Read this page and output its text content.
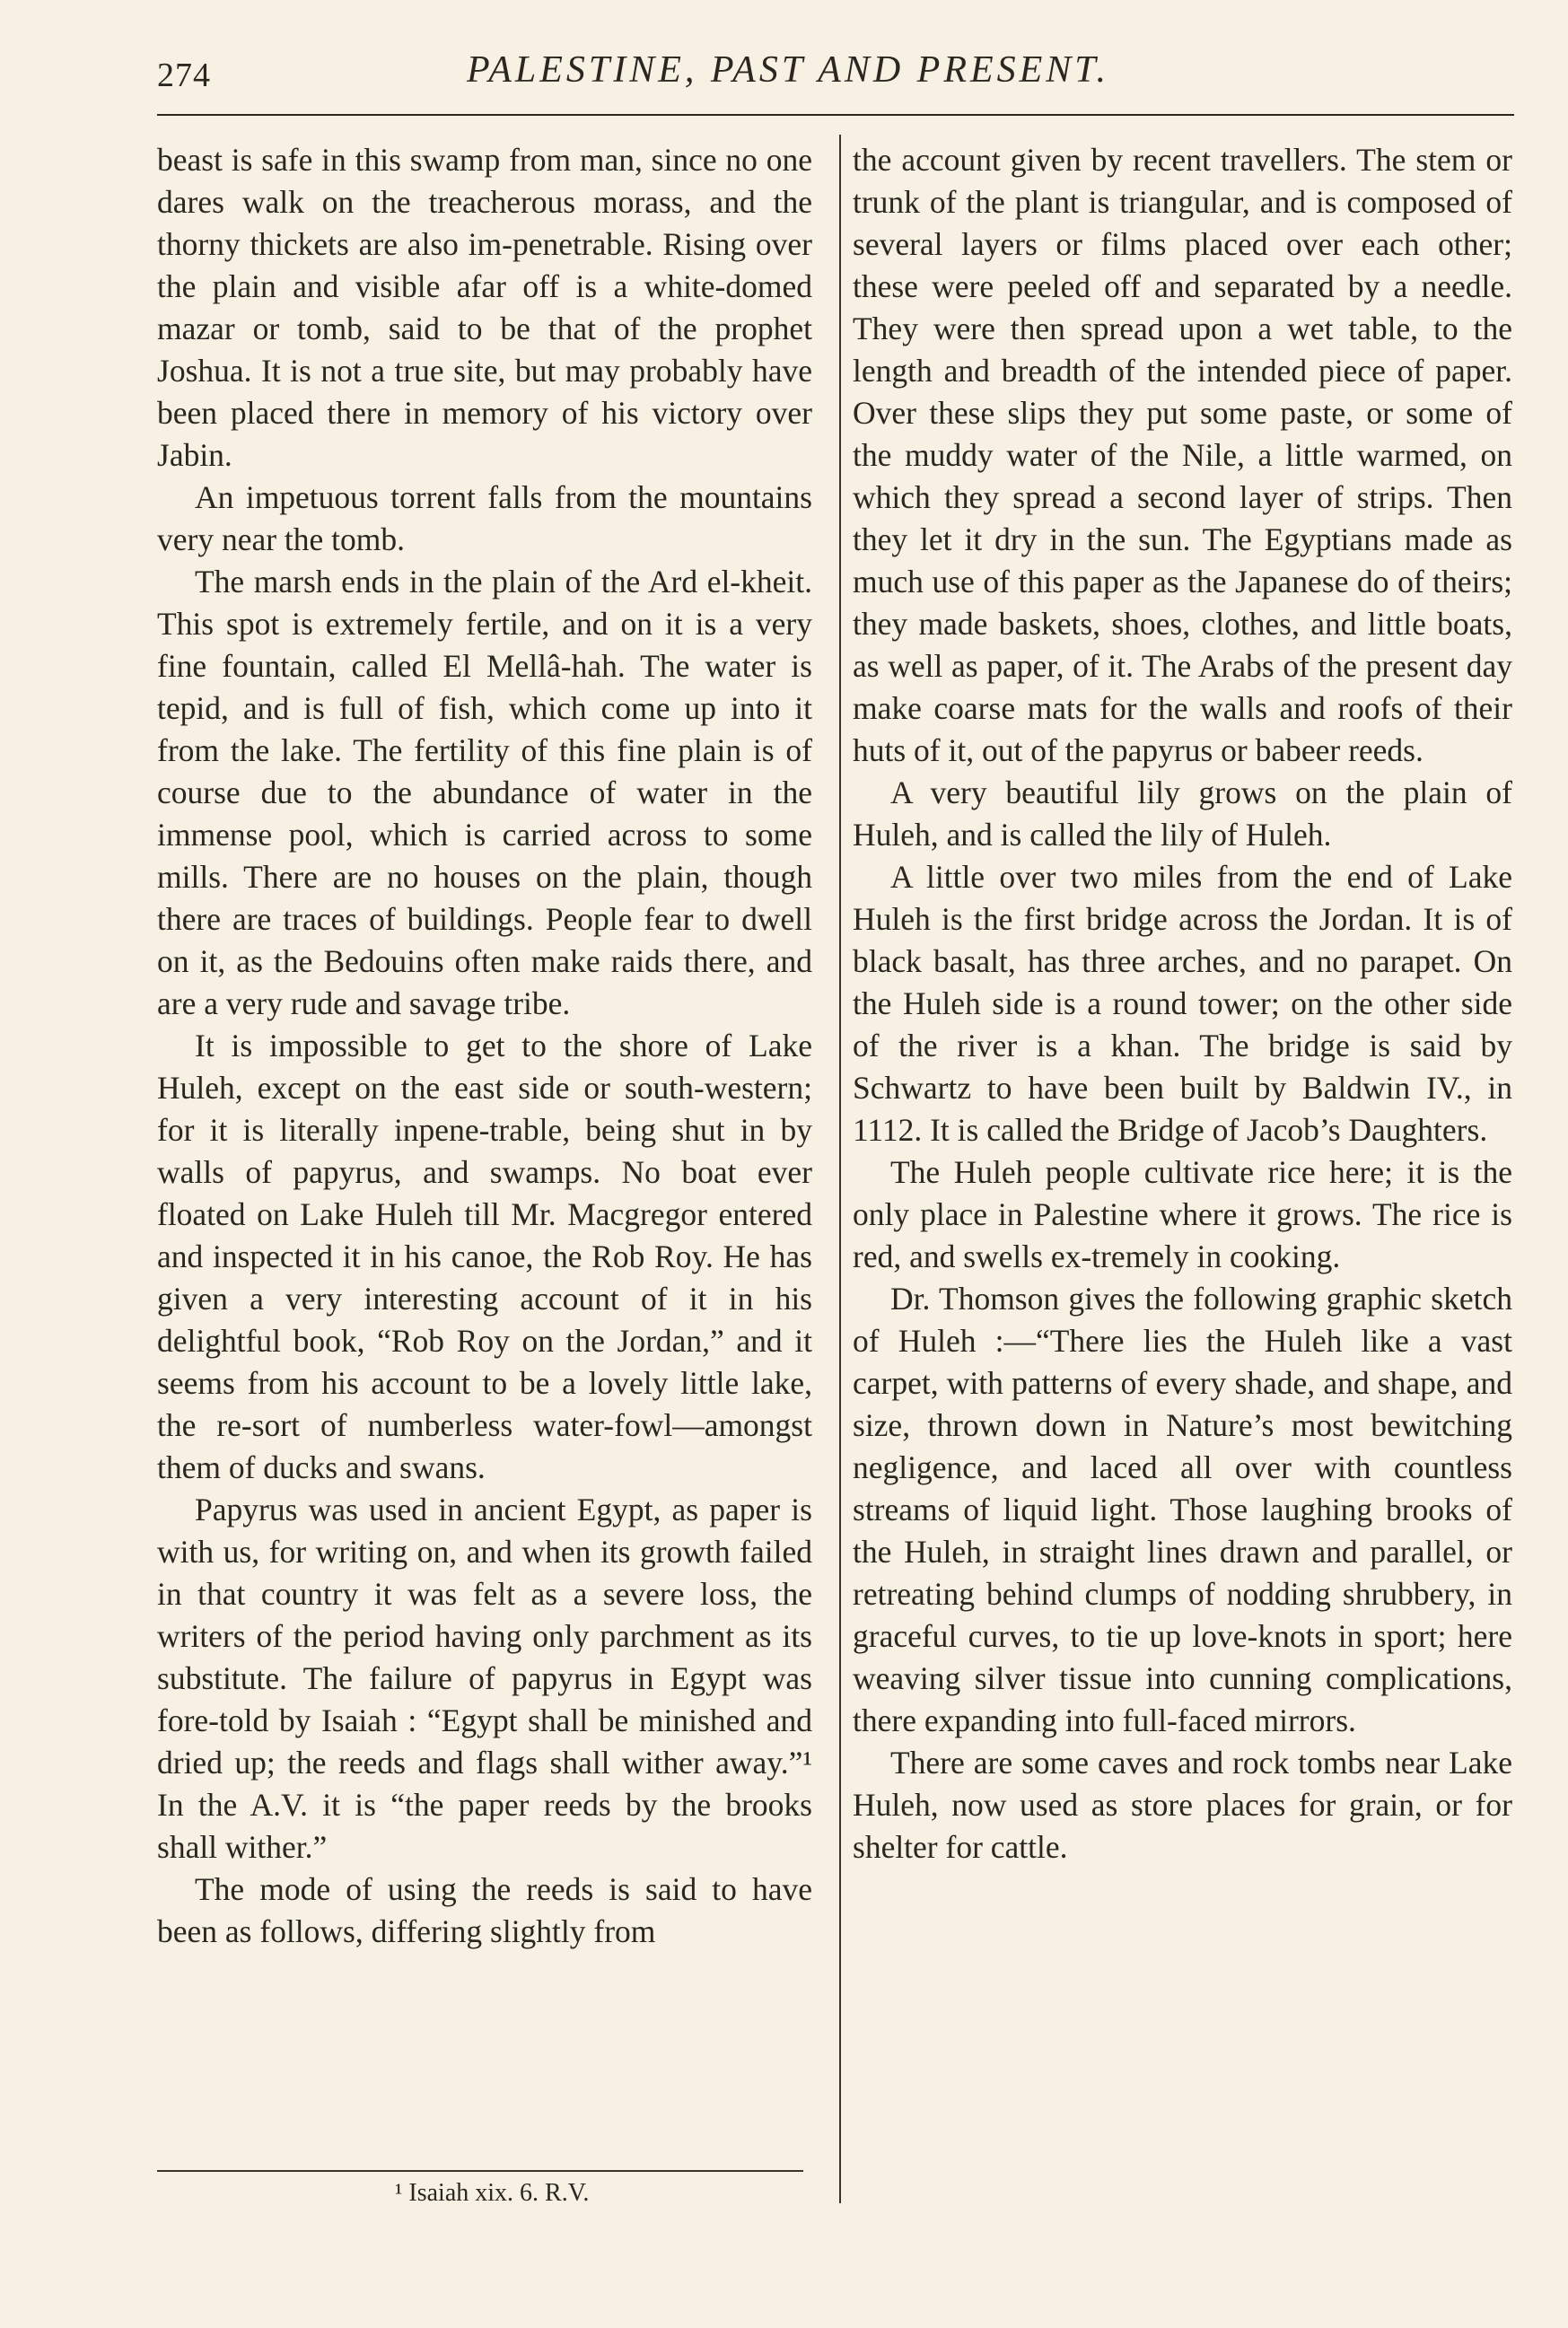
274	PALESTINE, PAST AND PRESENT.

beast is safe in this swamp from man, since no one dares walk on the treacherous morass, and the thorny thickets are also im-penetrable. Rising over the plain and visible afar off is a white-domed mazar or tomb, said to be that of the prophet Joshua. It is not a true site, but may probably have been placed there in memory of his victory over Jabin.

An impetuous torrent falls from the mountains very near the tomb.

The marsh ends in the plain of the Ard el-kheit. This spot is extremely fertile, and on it is a very fine fountain, called El Mellâ-hah. The water is tepid, and is full of fish, which come up into it from the lake. The fertility of this fine plain is of course due to the abundance of water in the immense pool, which is carried across to some mills. There are no houses on the plain, though there are traces of buildings. People fear to dwell on it, as the Bedouins often make raids there, and are a very rude and savage tribe.

It is impossible to get to the shore of Lake Huleh, except on the east side or south-western; for it is literally inpene-trable, being shut in by walls of papyrus, and swamps. No boat ever floated on Lake Huleh till Mr. Macgregor entered and inspected it in his canoe, the Rob Roy. He has given a very interesting account of it in his delightful book, “Rob Roy on the Jordan,” and it seems from his account to be a lovely little lake, the re-sort of numberless water-fowl—amongst them of ducks and swans.

Papyrus was used in ancient Egypt, as paper is with us, for writing on, and when its growth failed in that country it was felt as a severe loss, the writers of the period having only parchment as its substitute. The failure of papyrus in Egypt was fore-told by Isaiah : “Egypt shall be minished and dried up; the reeds and flags shall wither away.”¹ In the A.V. it is “the paper reeds by the brooks shall wither.”

The mode of using the reeds is said to have been as follows, differing slightly from

the account given by recent travellers. The stem or trunk of the plant is triangular, and is composed of several layers or films placed over each other; these were peeled off and separated by a needle. They were then spread upon a wet table, to the length and breadth of the intended piece of paper. Over these slips they put some paste, or some of the muddy water of the Nile, a little warmed, on which they spread a second layer of strips. Then they let it dry in the sun. The Egyptians made as much use of this paper as the Japanese do of theirs; they made baskets, shoes, clothes, and little boats, as well as paper, of it. The Arabs of the present day make coarse mats for the walls and roofs of their huts of it, out of the papyrus or babeer reeds.

A very beautiful lily grows on the plain of Huleh, and is called the lily of Huleh.

A little over two miles from the end of Lake Huleh is the first bridge across the Jordan. It is of black basalt, has three arches, and no parapet. On the Huleh side is a round tower; on the other side of the river is a khan. The bridge is said by Schwartz to have been built by Baldwin IV., in 1112. It is called the Bridge of Jacob’s Daughters.

The Huleh people cultivate rice here; it is the only place in Palestine where it grows. The rice is red, and swells ex-tremely in cooking.

Dr. Thomson gives the following graphic sketch of Huleh :—“There lies the Huleh like a vast carpet, with patterns of every shade, and shape, and size, thrown down in Nature’s most bewitching negligence, and laced all over with countless streams of liquid light. Those laughing brooks of the Huleh, in straight lines drawn and parallel, or retreating behind clumps of nodding shrubbery, in graceful curves, to tie up love-knots in sport; here weaving silver tissue into cunning complications, there expanding into full-faced mirrors.

There are some caves and rock tombs near Lake Huleh, now used as store places for grain, or for shelter for cattle.

¹ Isaiah xix. 6. R.V.
